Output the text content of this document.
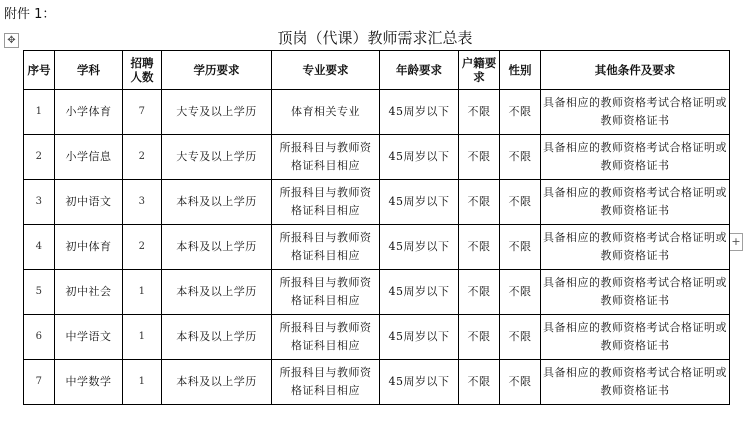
附件 1：
✥	顶岗（代课）教师需求汇总表
+
序号	学科	招聘人数	学历要求	专业要求	年龄要求	户籍要求	性别	其他条件及要求
1	小学体育	7	大专及以上学历	体育相关专业	45周岁以下	不限	不限	具备相应的教师资格考试合格证明或教师资格证书
2	小学信息	2	大专及以上学历	所报科目与教师资格证科目相应	45周岁以下	不限	不限	具备相应的教师资格考试合格证明或教师资格证书
3	初中语文	3	本科及以上学历	所报科目与教师资格证科目相应	45周岁以下	不限	不限	具备相应的教师资格考试合格证明或教师资格证书
4	初中体育	2	本科及以上学历	所报科目与教师资格证科目相应	45周岁以下	不限	不限	具备相应的教师资格考试合格证明或教师资格证书
5	初中社会	1	本科及以上学历	所报科目与教师资格证科目相应	45周岁以下	不限	不限	具备相应的教师资格考试合格证明或教师资格证书
6	中学语文	1	本科及以上学历	所报科目与教师资格证科目相应	45周岁以下	不限	不限	具备相应的教师资格考试合格证明或教师资格证书
7	中学数学	1	本科及以上学历	所报科目与教师资格证科目相应	45周岁以下	不限	不限	具备相应的教师资格考试合格证明或教师资格证书
